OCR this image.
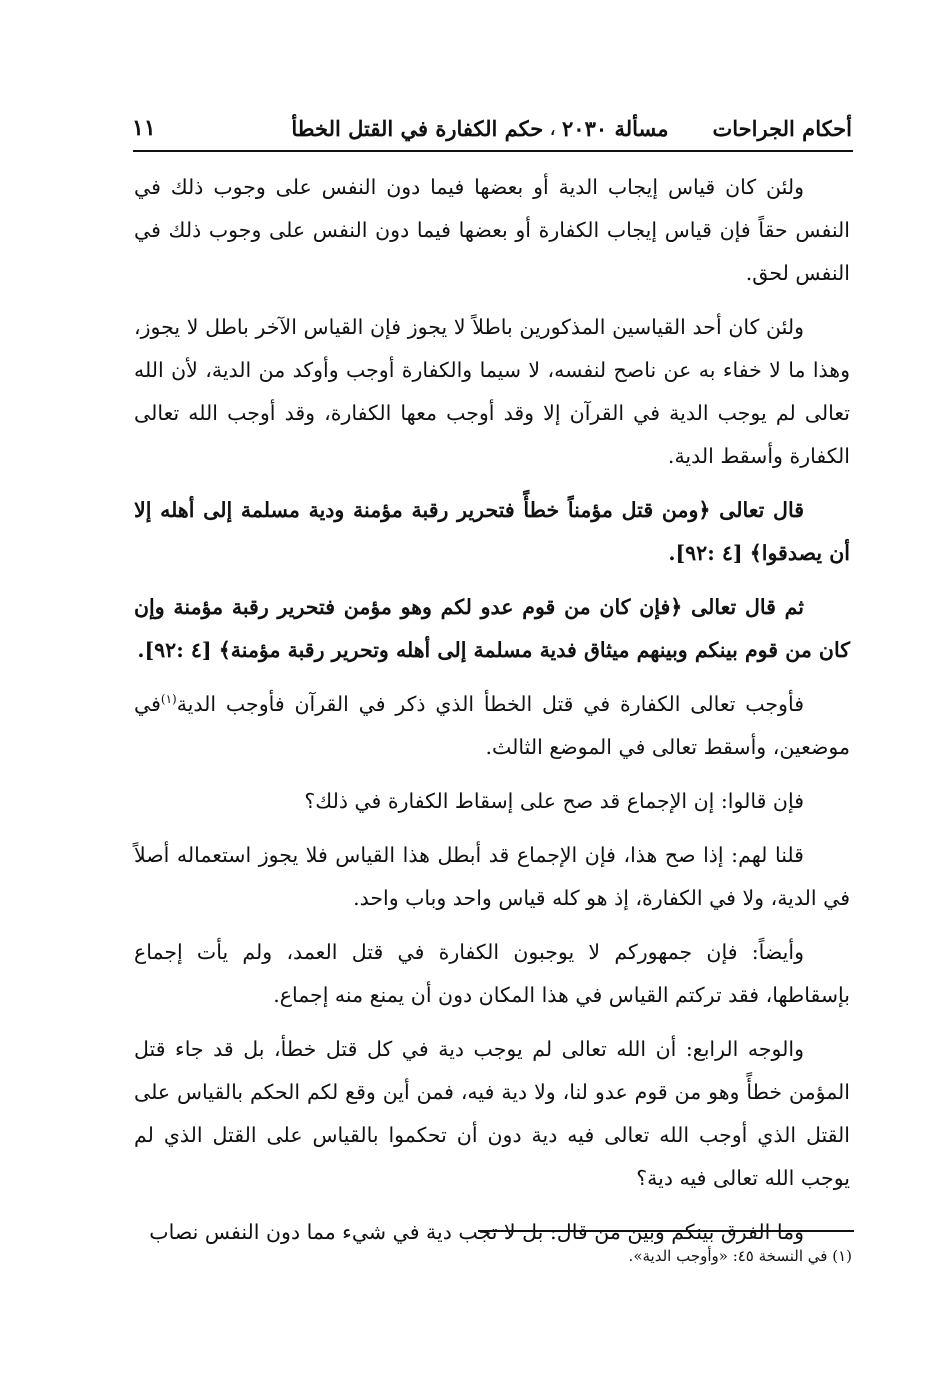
أحكام الجراحات
مسألة ٢٠٣٠
،
حكم الكفارة في القتل الخطأ
١١

ولئن كان قياس إيجاب الدية أو بعضها فيما دون النفس على وجوب ذلك في النفس حقاً فإن قياس إيجاب الكفارة أو بعضها فيما دون النفس على وجوب ذلك في النفس لحق.

ولئن كان أحد القياسين المذكورين باطلاً لا يجوز فإن القياس الآخر باطل لا يجوز، وهذا ما لا خفاء به عن ناصح لنفسه، لا سيما والكفارة أوجب وأوكد من الدية، لأن الله تعالى لم يوجب الدية في القرآن إلا وقد أوجب معها الكفارة، وقد أوجب الله تعالى الكفارة وأسقط الدية.

قال تعالى ﴿ومن قتل مؤمناً خطأً فتحرير رقبة مؤمنة ودية مسلمة إلى أهله إلا أن يصدقوا﴾ [٤ :٩٢].

ثم قال تعالى ﴿فإن كان من قوم عدو لكم وهو مؤمن فتحرير رقبة مؤمنة وإن كان من قوم بينكم وبينهم ميثاق فدية مسلمة إلى أهله وتحرير رقبة مؤمنة﴾ [٤ :٩٢].

فأوجب تعالى الكفارة في قتل الخطأ الذي ذكر في القرآن فأوجب الدية$^{(١)}$في موضعين، وأسقط تعالى في الموضع الثالث.

فإن قالوا: إن الإجماع قد صح على إسقاط الكفارة في ذلك؟

قلنا لهم: إذا صح هذا، فإن الإجماع قد أبطل هذا القياس فلا يجوز استعماله أصلاً في الدية، ولا في الكفارة، إذ هو كله قياس واحد وباب واحد.

وأيضاً: فإن جمهوركم لا يوجبون الكفارة في قتل العمد، ولم يأت إجماع بإسقاطها، فقد تركتم القياس في هذا المكان دون أن يمنع منه إجماع.

والوجه الرابع: أن الله تعالى لم يوجب دية في كل قتل خطأ، بل قد جاء قتل المؤمن خطأً وهو من قوم عدو لنا، ولا دية فيه، فمن أين وقع لكم الحكم بالقياس على القتل الذي أوجب الله تعالى فيه دية دون أن تحكموا بالقياس على القتل الذي لم يوجب الله تعالى فيه دية؟

وما الفرق بينكم وبين من قال: بل لا تجب دية في شيء مما دون النفس نصاب

(١) في النسخة ٤٥: «وأوجب الدية».
